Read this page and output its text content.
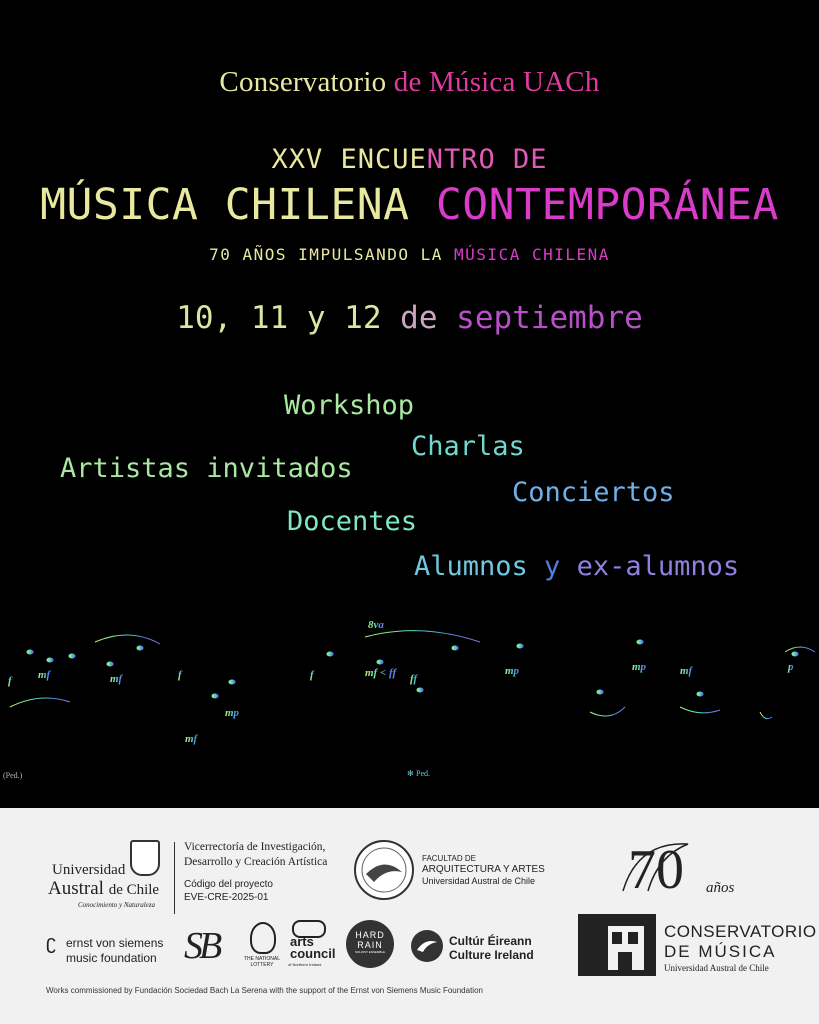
Conservatorio de Música UACh
XXV ENCUENTRO DE
MÚSICA CHILENA CONTEMPORÁNEA
70 AÑOS IMPULSANDO LA MÚSICA CHILENA
10, 11 y 12 de septiembre
Workshop
Charlas
Artistas invitados
Conciertos
Docentes
Alumnos y ex-alumnos
f mf	mf	f
mf
mp
f	mf < ff
8va
ff
mp	mp	mf	p
(Ped.)	Ped.
✻
Universidad
Austral de Chile
Conocimiento y Naturaleza
Vicerrectoría de Investigación,
Desarrollo y Creación Artística
Código del proyecto
EVE-CRE-2025-01
FACULTAD DE
ARQUITECTURA Y ARTES
Universidad Austral de Chile 70 años
CONSERVATORIO
DE MÚSICA
Universidad Austral de Chile
ʗ ernst von siemens
music foundation SB	THE NATIONAL
LOTTERY
arts
council
of Northern Ireland
HARD
RAIN
SOLOIST ENSEMBLE
Cultúr Éireann
Culture Ireland
Works commissioned by Fundación Sociedad Bach La Serena with the support of the Ernst von Siemens Music Foundation
